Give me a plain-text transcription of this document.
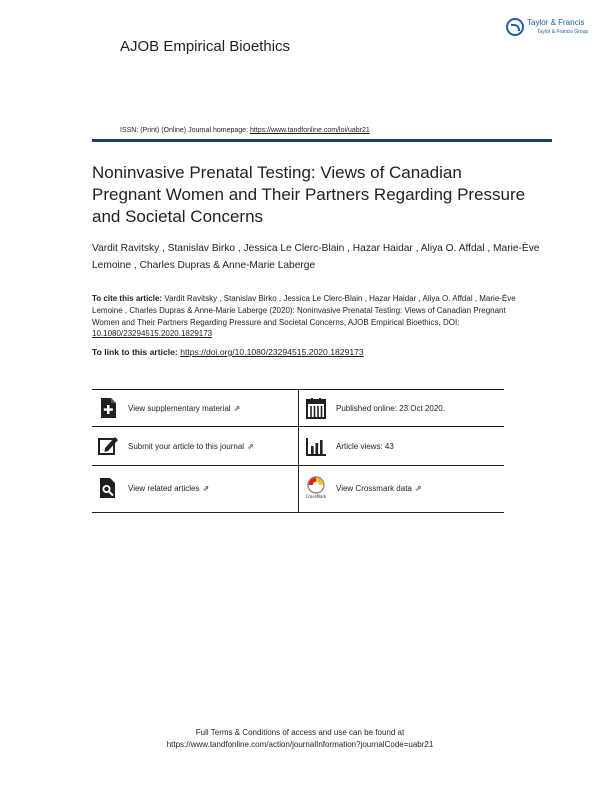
AJOB Empirical Bioethics
Taylor & Francis
Taylor & Francis Group
ISSN: (Print) (Online) Journal homepage: https://www.tandfonline.com/loi/uabr21
Noninvasive Prenatal Testing: Views of Canadian Pregnant Women and Their Partners Regarding Pressure and Societal Concerns
Vardit Ravitsky , Stanislav Birko , Jessica Le Clerc-Blain , Hazar Haidar , Aliya O. Affdal , Marie-Ève Lemoine , Charles Dupras & Anne-Marie Laberge
To cite this article: Vardit Ravitsky , Stanislav Birko , Jessica Le Clerc-Blain , Hazar Haidar , Aliya O. Affdal , Marie-Ève Lemoine , Charles Dupras & Anne-Marie Laberge (2020): Noninvasive Prenatal Testing: Views of Canadian Pregnant Women and Their Partners Regarding Pressure and Societal Concerns, AJOB Empirical Bioethics, DOI: 10.1080/23294515.2020.1829173
To link to this article: https://doi.org/10.1080/23294515.2020.1829173
View supplementary material ⇗	Published online: 23 Oct 2020.
Submit your article to this journal ⇗	Article views: 43
View related articles ⇗
CrossMark
View Crossmark data ⇗
Full Terms & Conditions of access and use can be found at
https://www.tandfonline.com/action/journalInformation?journalCode=uabr21
